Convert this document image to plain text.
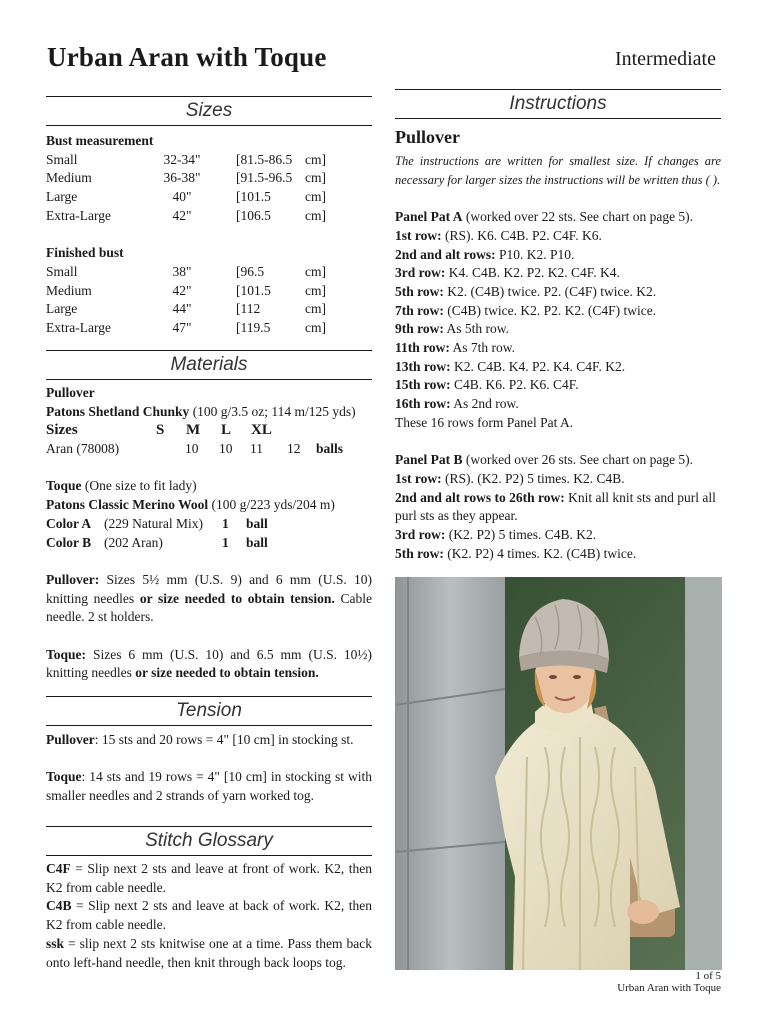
Urban Aran with Toque	Intermediate
Sizes
Bust measurement
Small	32-34"	[81.5-86.5 cm]
Medium	36-38"	[91.5-96.5 cm]
Large	40"	[101.5	cm]
Extra-Large	42"	[106.5	cm]
Finished bust
Small	38"	[96.5	cm]
Medium	42"	[101.5	cm]
Large	44"	[112	cm]
Extra-Large	47"	[119.5	cm]
Materials
Pullover

Patons Shetland Chunky (100 g/3.5 oz; 114 m/125 yds)

Sizes	S M L XL
Aran (78008)	10 10 11 12 balls

Toque (One size to fit lady)

Patons Classic Merino Wool (100 g/223 yds/204 m)

Color A (229 Natural Mix) 1 ball
Color B (202 Aran)	1 ball

Pullover: Sizes 5½ mm (U.S. 9) and 6 mm (U.S. 10) knitting needles or size needed to obtain tension. Cable needle. 2 st holders.

Toque: Sizes 6 mm (U.S. 10) and 6.5 mm (U.S. 10½) knitting needles or size needed to obtain tension.

Tension

Pullover: 15 sts and 20 rows = 4" [10 cm] in stocking st.

Toque: 14 sts and 19 rows = 4" [10 cm] in stocking st with smaller needles and 2 strands of yarn worked tog.

Stitch Glossary

C4F = Slip next 2 sts and leave at front of work. K2, then K2 from cable needle.

C4B = Slip next 2 sts and leave at back of work. K2, then K2 from cable needle.

ssk = slip next 2 sts knitwise one at a time. Pass them back onto left-hand needle, then knit through back loops tog.

Instructions
Pullover

The instructions are written for smallest size. If changes are necessary for larger sizes the instructions will be written thus ( ).

Panel Pat A (worked over 22 sts. See chart on page 5).

1st row: (RS). K6. C4B. P2. C4F. K6.

2nd and alt rows: P10. K2. P10.

3rd row: K4. C4B. K2. P2. K2. C4F. K4.

5th row: K2. (C4B) twice. P2. (C4F) twice. K2.

7th row: (C4B) twice. K2. P2. K2. (C4F) twice.

9th row: As 5th row.

11th row: As 7th row.

13th row: K2. C4B. K4. P2. K4. C4F. K2.

15th row: C4B. K6. P2. K6. C4F.

16th row: As 2nd row.

These 16 rows form Panel Pat A.

Panel Pat B (worked over 26 sts. See chart on page 5).

1st row: (RS). (K2. P2) 5 times. K2. C4B.

2nd and alt rows to 26th row: Knit all knit sts and purl all purl sts as they appear.

3rd row: (K2. P2) 5 times. C4B. K2.

5th row: (K2. P2) 4 times. K2. (C4B) twice.

1 of 5
Urban Aran with Toque
